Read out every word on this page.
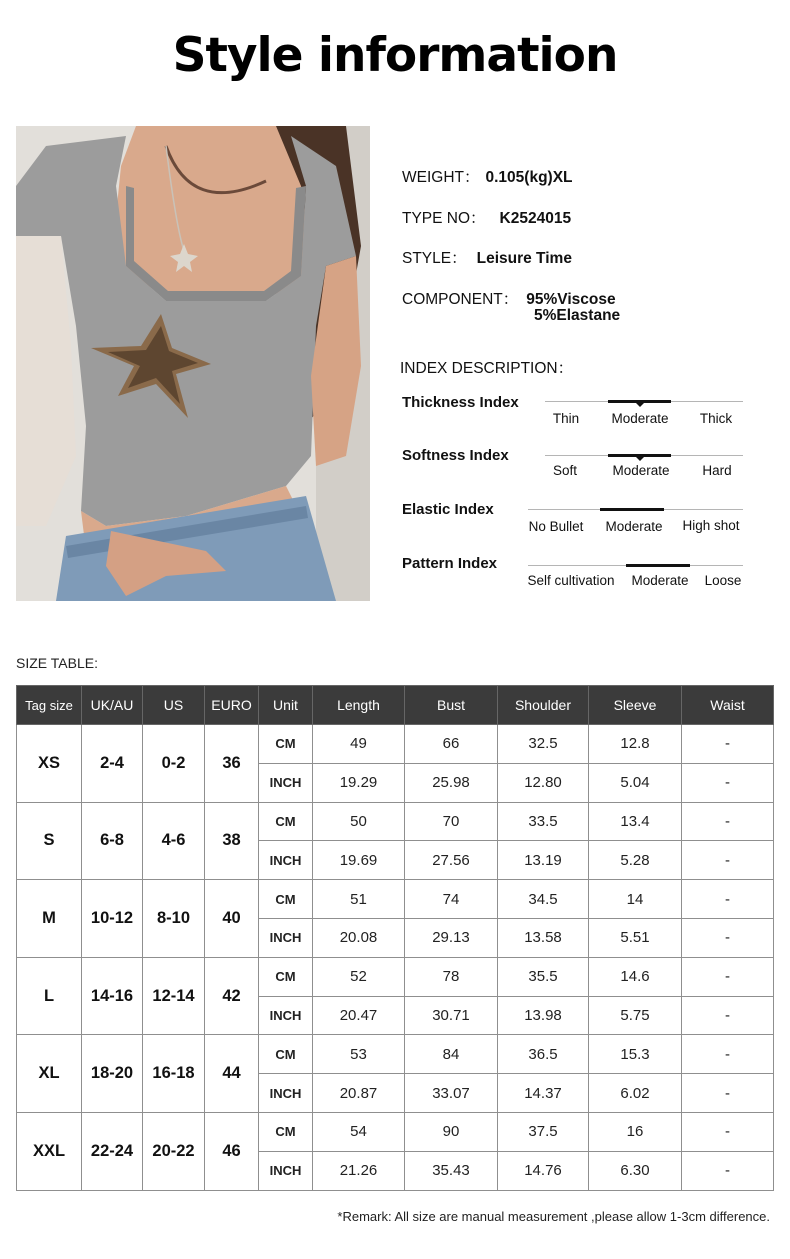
Style information
WEIGHT： 0.105(kg)XL
TYPE NO： K2524015
STYLE： Leisure Time
COMPONENT： 95%Viscose
5%Elastane
INDEX DESCRIPTION：
Thickness Index
Thin Moderate Thick
Softness Index
Soft	Moderate Hard
Elastic Index
No Bullet Moderate High shot
Pattern Index
Self cultivation Moderate Loose
SIZE TABLE:
Tag size	UK/AU	US	EURO	Unit	Length	Bust	Shoulder	Sleeve	Waist
XS	2-4	0-2	36	CM	49	66	32.5	12.8	-
				INCH	19.29	25.98	12.80	5.04	-
S	6-8	4-6	38	CM	50	70	33.5	13.4	-
				INCH	19.69	27.56	13.19	5.28	-
M	10-12	8-10	40	CM	51	74	34.5	14	-
				INCH	20.08	29.13	13.58	5.51	-
L	14-16	12-14	42	CM	52	78	35.5	14.6	-
				INCH	20.47	30.71	13.98	5.75	-
XL	18-20	16-18	44	CM	53	84	36.5	15.3	-
				INCH	20.87	33.07	14.37	6.02	-
XXL	22-24	20-22	46	CM	54	90	37.5	16	-
				INCH	21.26	35.43	14.76	6.30	-
*Remark: All size are manual measurement ,please allow 1-3cm difference.
